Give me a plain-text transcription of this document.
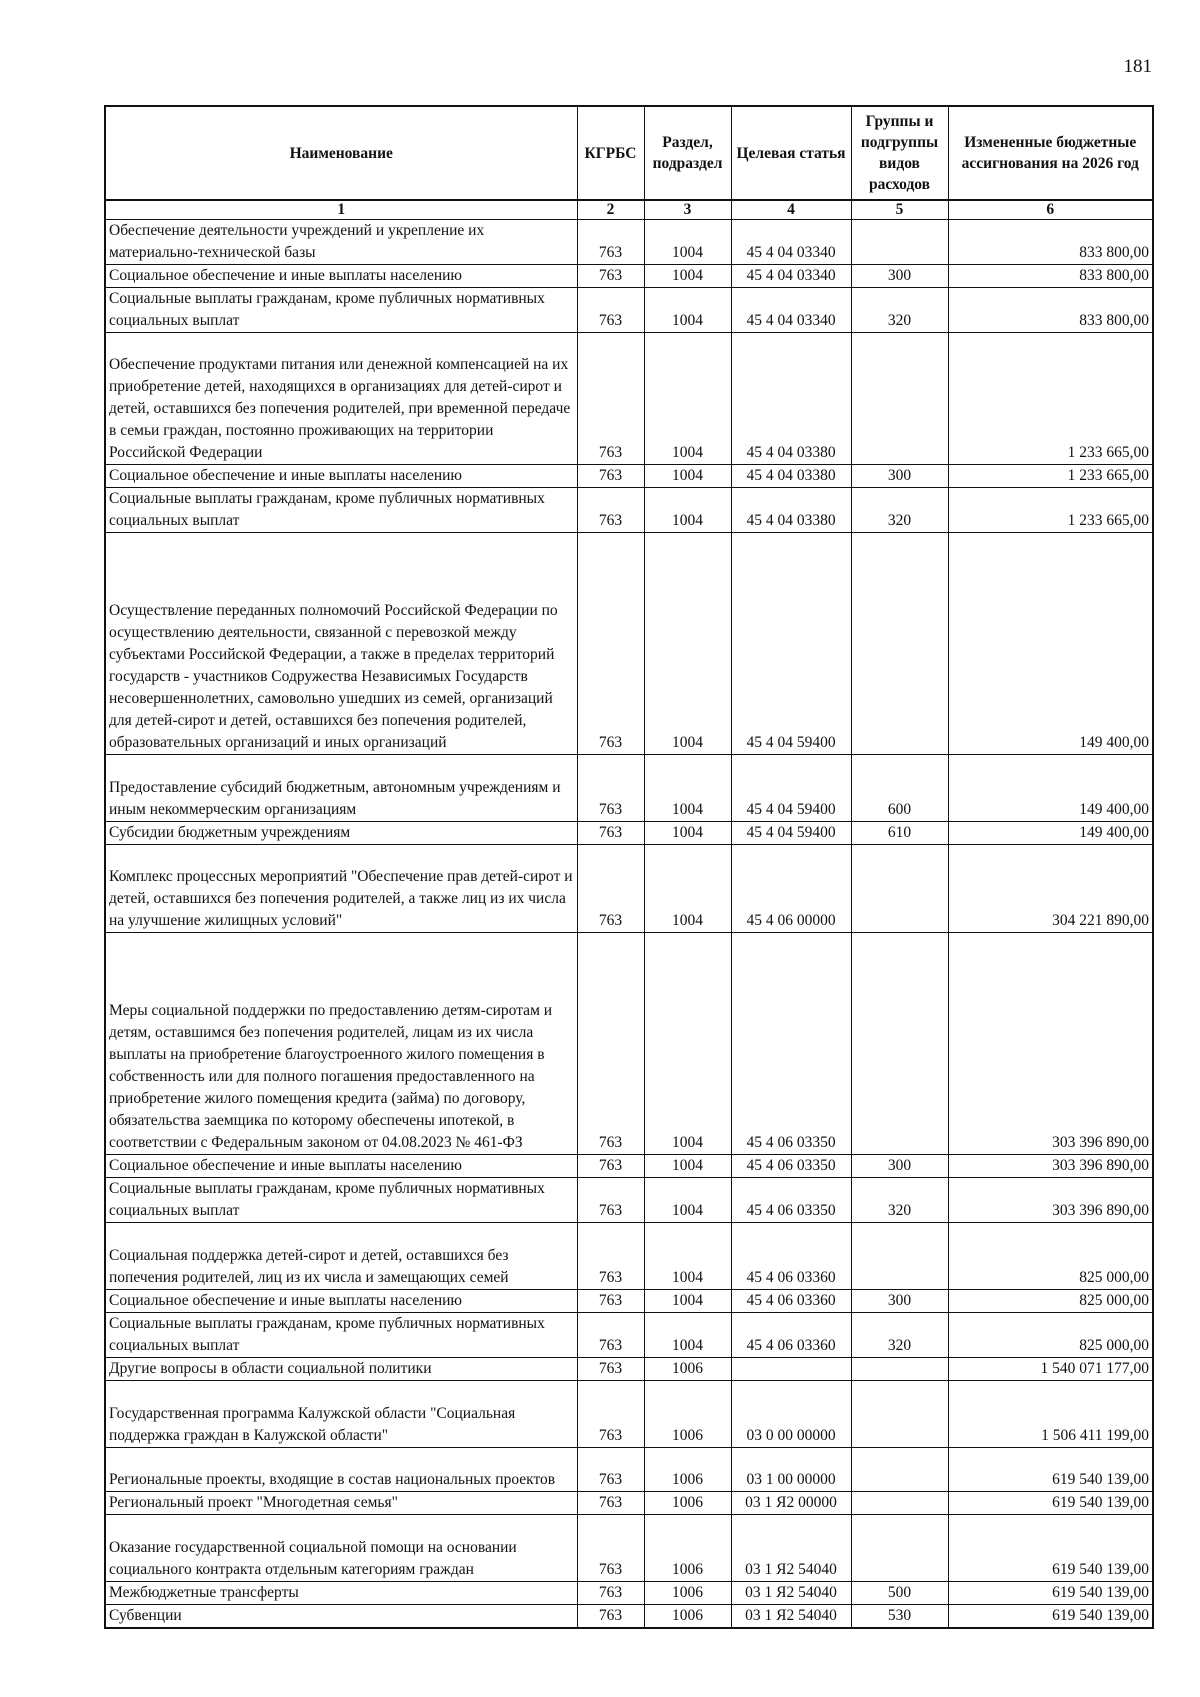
181
Наименование	КГРБС	Раздел, подраздел	Целевая статья	Группы и подгруппы видов расходов	Измененные бюджетные ассигнования на 2026 год
1	2	3	4	5	6
Обеспечение деятельности учреждений и укрепление их материально-технической базы	763	1004	45 4 04 03340		833 800,00
Социальное обеспечение и иные выплаты населению	763	1004	45 4 04 03340	300	833 800,00
Социальные выплаты гражданам, кроме публичных нормативных социальных выплат	763	1004	45 4 04 03340	320	833 800,00
Обеспечение продуктами питания или денежной компенсацией на их приобретение детей, находящихся в организациях для детей-сирот и детей, оставшихся без попечения родителей, при временной передаче в семьи граждан, постоянно проживающих на территории Российской Федерации	763	1004	45 4 04 03380		1 233 665,00
Социальное обеспечение и иные выплаты населению	763	1004	45 4 04 03380	300	1 233 665,00
Социальные выплаты гражданам, кроме публичных нормативных социальных выплат	763	1004	45 4 04 03380	320	1 233 665,00
Осуществление переданных полномочий Российской Федерации по осуществлению деятельности, связанной с перевозкой между субъектами Российской Федерации, а также в пределах территорий государств - участников Содружества Независимых Государств несовершеннолетних, самовольно ушедших из семей, организаций для детей-сирот и детей, оставшихся без попечения родителей, образовательных организаций и иных организаций	763	1004	45 4 04 59400		149 400,00
Предоставление субсидий бюджетным, автономным учреждениям и иным некоммерческим организациям	763	1004	45 4 04 59400	600	149 400,00
Субсидии бюджетным учреждениям	763	1004	45 4 04 59400	610	149 400,00
Комплекс процессных мероприятий "Обеспечение прав детей-сирот и детей, оставшихся без попечения родителей, а также лиц из их числа на улучшение жилищных условий"	763	1004	45 4 06 00000		304 221 890,00
Меры социальной поддержки по предоставлению детям-сиротам и детям, оставшимся без попечения родителей, лицам из их числа выплаты на приобретение благоустроенного жилого помещения в собственность или для полного погашения предоставленного на приобретение жилого помещения кредита (займа) по договору, обязательства заемщика по которому обеспечены ипотекой, в соответствии с Федеральным законом от 04.08.2023 № 461-ФЗ	763	1004	45 4 06 03350		303 396 890,00
Социальное обеспечение и иные выплаты населению	763	1004	45 4 06 03350	300	303 396 890,00
Социальные выплаты гражданам, кроме публичных нормативных социальных выплат	763	1004	45 4 06 03350	320	303 396 890,00
Социальная поддержка детей-сирот и детей, оставшихся без попечения родителей, лиц из их числа и замещающих семей	763	1004	45 4 06 03360		825 000,00
Социальное обеспечение и иные выплаты населению	763	1004	45 4 06 03360	300	825 000,00
Социальные выплаты гражданам, кроме публичных нормативных социальных выплат	763	1004	45 4 06 03360	320	825 000,00
Другие вопросы в области социальной политики	763	1006			1 540 071 177,00
Государственная программа Калужской области "Социальная поддержка граждан в Калужской области"	763	1006	03 0 00 00000		1 506 411 199,00
Региональные проекты, входящие в состав национальных проектов	763	1006	03 1 00 00000		619 540 139,00
Региональный проект "Многодетная семья"	763	1006	03 1 Я2 00000		619 540 139,00
Оказание государственной социальной помощи на основании социального контракта отдельным категориям граждан	763	1006	03 1 Я2 54040		619 540 139,00
Межбюджетные трансферты	763	1006	03 1 Я2 54040	500	619 540 139,00
Субвенции	763	1006	03 1 Я2 54040	530	619 540 139,00
